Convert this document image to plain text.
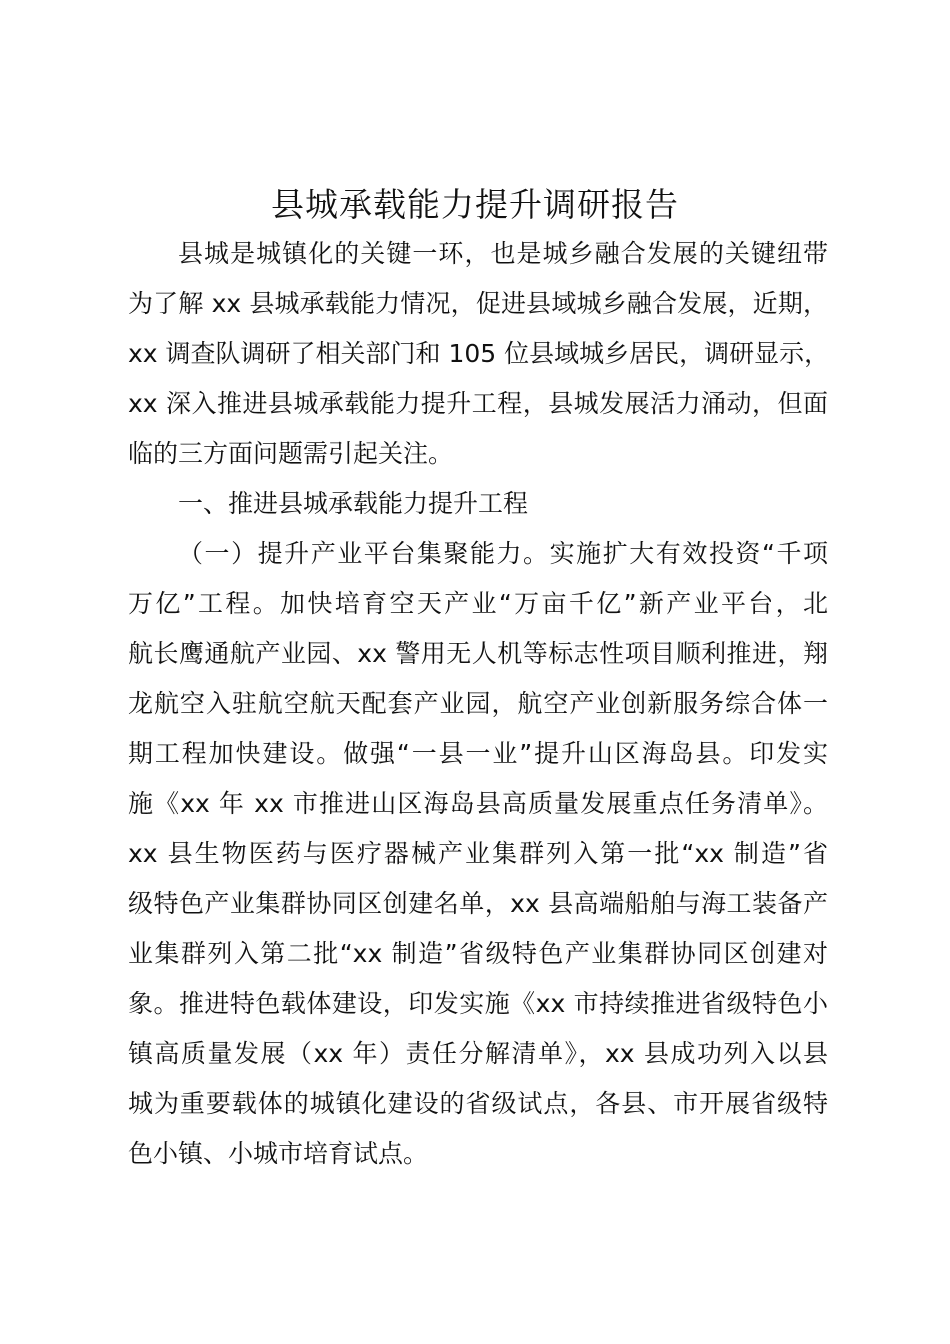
县城承载能力提升调研报告
县城是城镇化的关键一环，也是城乡融合发展的关键纽带
为了解 xx 县城承载能力情况，促进县域城乡融合发展，近期，
xx 调查队调研了相关部门和 105 位县域城乡居民，调研显示，
xx 深入推进县城承载能力提升工程，县城发展活力涌动，但面
临的三方面问题需引起关注。
一、推进县城承载能力提升工程
（一）提升产业平台集聚能力。实施扩大有效投资“千项
万亿”工程。加快培育空天产业“万亩千亿”新产业平台，北
航长鹰通航产业园、xx 警用无人机等标志性项目顺利推进，翔
龙航空入驻航空航天配套产业园，航空产业创新服务综合体一
期工程加快建设。做强“一县一业”提升山区海岛县。印发实
施《xx 年 xx 市推进山区海岛县高质量发展重点任务清单》。
xx 县生物医药与医疗器械产业集群列入第一批“xx 制造”省
级特色产业集群协同区创建名单，xx 县高端船舶与海工装备产
业集群列入第二批“xx 制造”省级特色产业集群协同区创建对
象。推进特色载体建设，印发实施《xx 市持续推进省级特色小
镇高质量发展（xx 年）责任分解清单》，xx 县成功列入以县
城为重要载体的城镇化建设的省级试点，各县、市开展省级特
色小镇、小城市培育试点。
